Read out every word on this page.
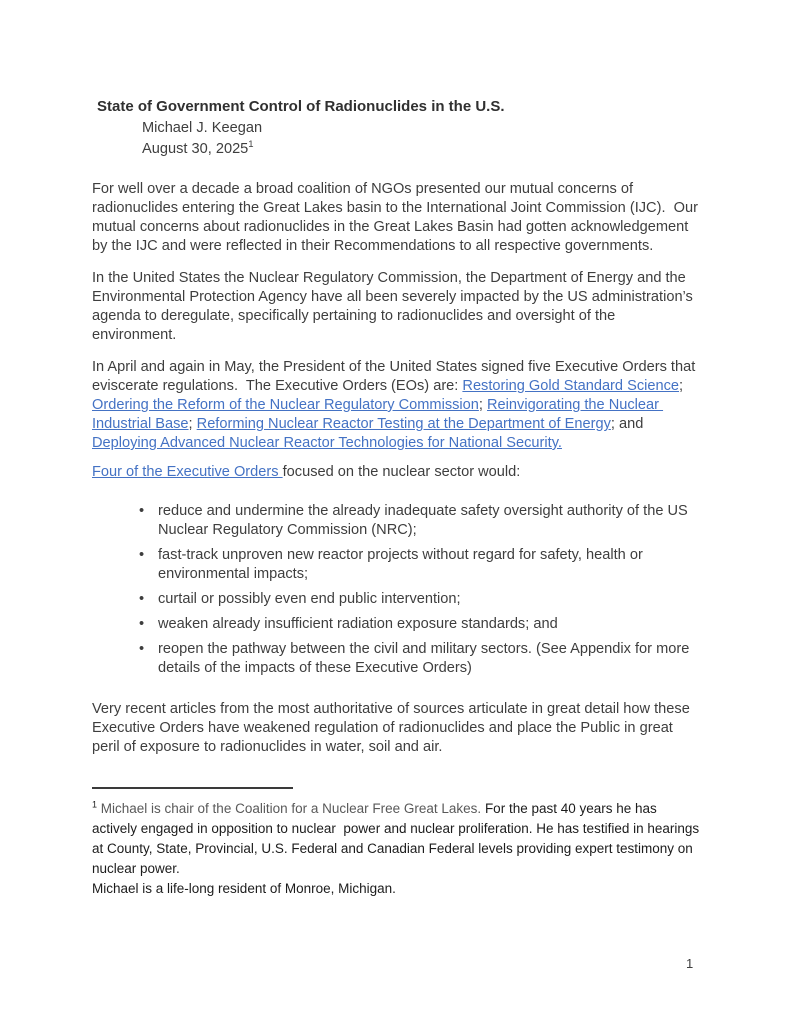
State of Government Control of Radionuclides in the U.S.
Michael J. Keegan
August 30, 2025$^1$

For well over a decade a broad coalition of NGOs presented our mutual concerns of radionuclides entering the Great Lakes basin to the International Joint Commission (IJC).  Our mutual concerns about radionuclides in the Great Lakes Basin had gotten acknowledgement by the IJC and were reflected in their Recommendations to all respective governments.

In the United States the Nuclear Regulatory Commission, the Department of Energy and the Environmental Protection Agency have all been severely impacted by the US administration’s agenda to deregulate, specifically pertaining to radionuclides and oversight of the environment.

In April and again in May, the President of the United States signed five Executive Orders that eviscerate regulations.  The Executive Orders (EOs) are: Restoring Gold Standard Science; Ordering the Reform of the Nuclear Regulatory Commission; Reinvigorating the Nuclear Industrial Base; Reforming Nuclear Reactor Testing at the Department of Energy; and Deploying Advanced Nuclear Reactor Technologies for National Security.

Four of the Executive Orders focused on the nuclear sector would:

• reduce and undermine the already inadequate safety oversight authority of the US Nuclear Regulatory Commission (NRC);
• fast-track unproven new reactor projects without regard for safety, health or environmental impacts;
• curtail or possibly even end public intervention;
• weaken already insufficient radiation exposure standards; and
• reopen the pathway between the civil and military sectors. (See Appendix for more details of the impacts of these Executive Orders)

Very recent articles from the most authoritative of sources articulate in great detail how these Executive Orders have weakened regulation of radionuclides and place the Public in great peril of exposure to radionuclides in water, soil and air.

$^1$ Michael is chair of the Coalition for a Nuclear Free Great Lakes. For the past 40 years he has actively engaged in opposition to nuclear  power and nuclear proliferation. He has testified in hearings at County, State, Provincial, U.S. Federal and Canadian Federal levels providing expert testimony on nuclear power.
Michael is a life-long resident of Monroe, Michigan.
1
